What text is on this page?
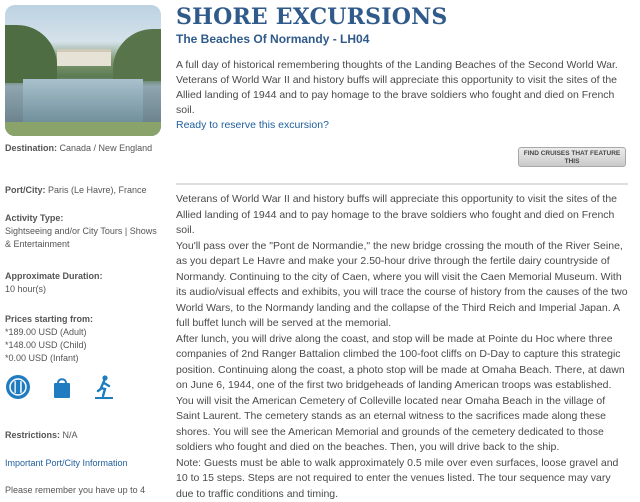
Destination: Canada / New England
Port/City: Paris (Le Havre), France
Activity Type:
Sightseeing and/or City Tours | Shows & Entertainment
Approximate Duration:
10 hour(s)
Prices starting from:
*189.00 USD (Adult)
*148.00 USD (Child)
*0.00 USD (Infant)
Restrictions: N/A
Important Port/City Information
Please remember you have up to 4
SHORE EXCURSIONS
The Beaches Of Normandy - LH04
A full day of historical remembering thoughts of the Landing Beaches of the Second World War. Veterans of World War II and history buffs will appreciate this opportunity to visit the sites of the Allied landing of 1944 and to pay homage to the brave soldiers who fought and died on French soil.
Ready to reserve this excursion?
FIND CRUISES THAT FEATURE THIS

Veterans of World War II and history buffs will appreciate this opportunity to visit the sites of the Allied landing of 1944 and to pay homage to the brave soldiers who fought and died on French soil.

You'll pass over the "Pont de Normandie," the new bridge crossing the mouth of the River Seine, as you depart Le Havre and make your 2.50-hour drive through the fertile dairy countryside of Normandy. Continuing to the city of Caen, where you will visit the Caen Memorial Museum. With its audio/visual effects and exhibits, you will trace the course of history from the causes of the two World Wars, to the Normandy landing and the collapse of the Third Reich and Imperial Japan. A full buffet lunch will be served at the memorial.

After lunch, you will drive along the coast, and stop will be made at Pointe du Hoc where three companies of 2nd Ranger Battalion climbed the 100-foot cliffs on D-Day to capture this strategic position. Continuing along the coast, a photo stop will be made at Omaha Beach. There, at dawn on June 6, 1944, one of the first two bridgeheads of landing American troops was established. You will visit the American Cemetery of Colleville located near Omaha Beach in the village of Saint Laurent. The cemetery stands as an eternal witness to the sacrifices made along these shores. You will see the American Memorial and grounds of the cemetery dedicated to those soldiers who fought and died on the beaches. Then, you will drive back to the ship.

Note: Guests must be able to walk approximately 0.5 mile over even surfaces, loose gravel and 10 to 15 steps. Steps are not required to enter the venues listed. The tour sequence may vary due to traffic conditions and timing.
